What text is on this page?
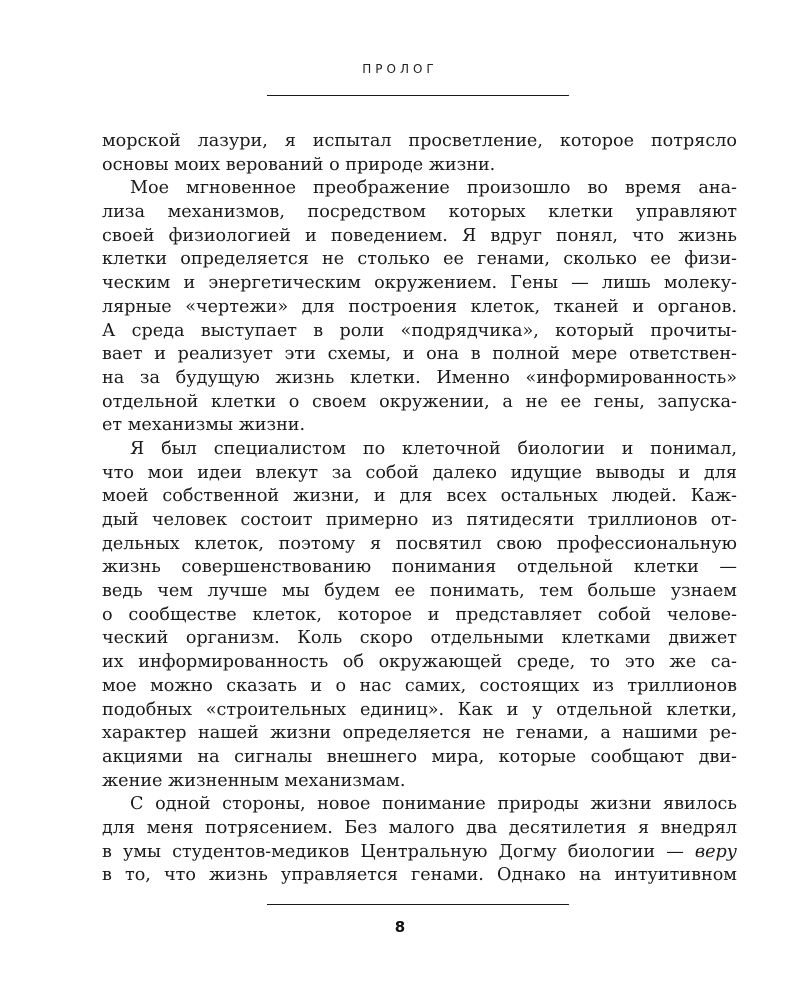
ПРОЛОГ
морской лазури, я испытал просветление, которое потрясло
основы моих верований о природе жизни.
Мое мгновенное преображение произошло во время ана-
лиза механизмов, посредством которых клетки управляют
своей физиологией и поведением. Я вдруг понял, что жизнь
клетки определяется не столько ее генами, сколько ее физи-
ческим и энергетическим окружением. Гены — лишь молеку-
лярные «чертежи» для построения клеток, тканей и органов.
А среда выступает в роли «подрядчика», который прочиты-
вает и реализует эти схемы, и она в полной мере ответствен-
на за будущую жизнь клетки. Именно «информированность»
отдельной клетки о своем окружении, а не ее гены, запуска-
ет механизмы жизни.
Я был специалистом по клеточной биологии и понимал,
что мои идеи влекут за собой далеко идущие выводы и для
моей собственной жизни, и для всех остальных людей. Каж-
дый человек состоит примерно из пятидесяти триллионов от-
дельных клеток, поэтому я посвятил свою профессиональную
жизнь совершенствованию понимания отдельной клетки —
ведь чем лучше мы будем ее понимать, тем больше узнаем
о сообществе клеток, которое и представляет собой челове-
ческий организм. Коль скоро отдельными клетками движет
их информированность об окружающей среде, то это же са-
мое можно сказать и о нас самих, состоящих из триллионов
подобных «строительных единиц». Как и у отдельной клетки,
характер нашей жизни определяется не генами, а нашими ре-
акциями на сигналы внешнего мира, которые сообщают дви-
жение жизненным механизмам.
С одной стороны, новое понимание природы жизни явилось
для меня потрясением. Без малого два десятилетия я внедрял
в умы студентов-медиков Центральную Догму биологии — веру
в то, что жизнь управляется генами. Однако на интуитивном
8
